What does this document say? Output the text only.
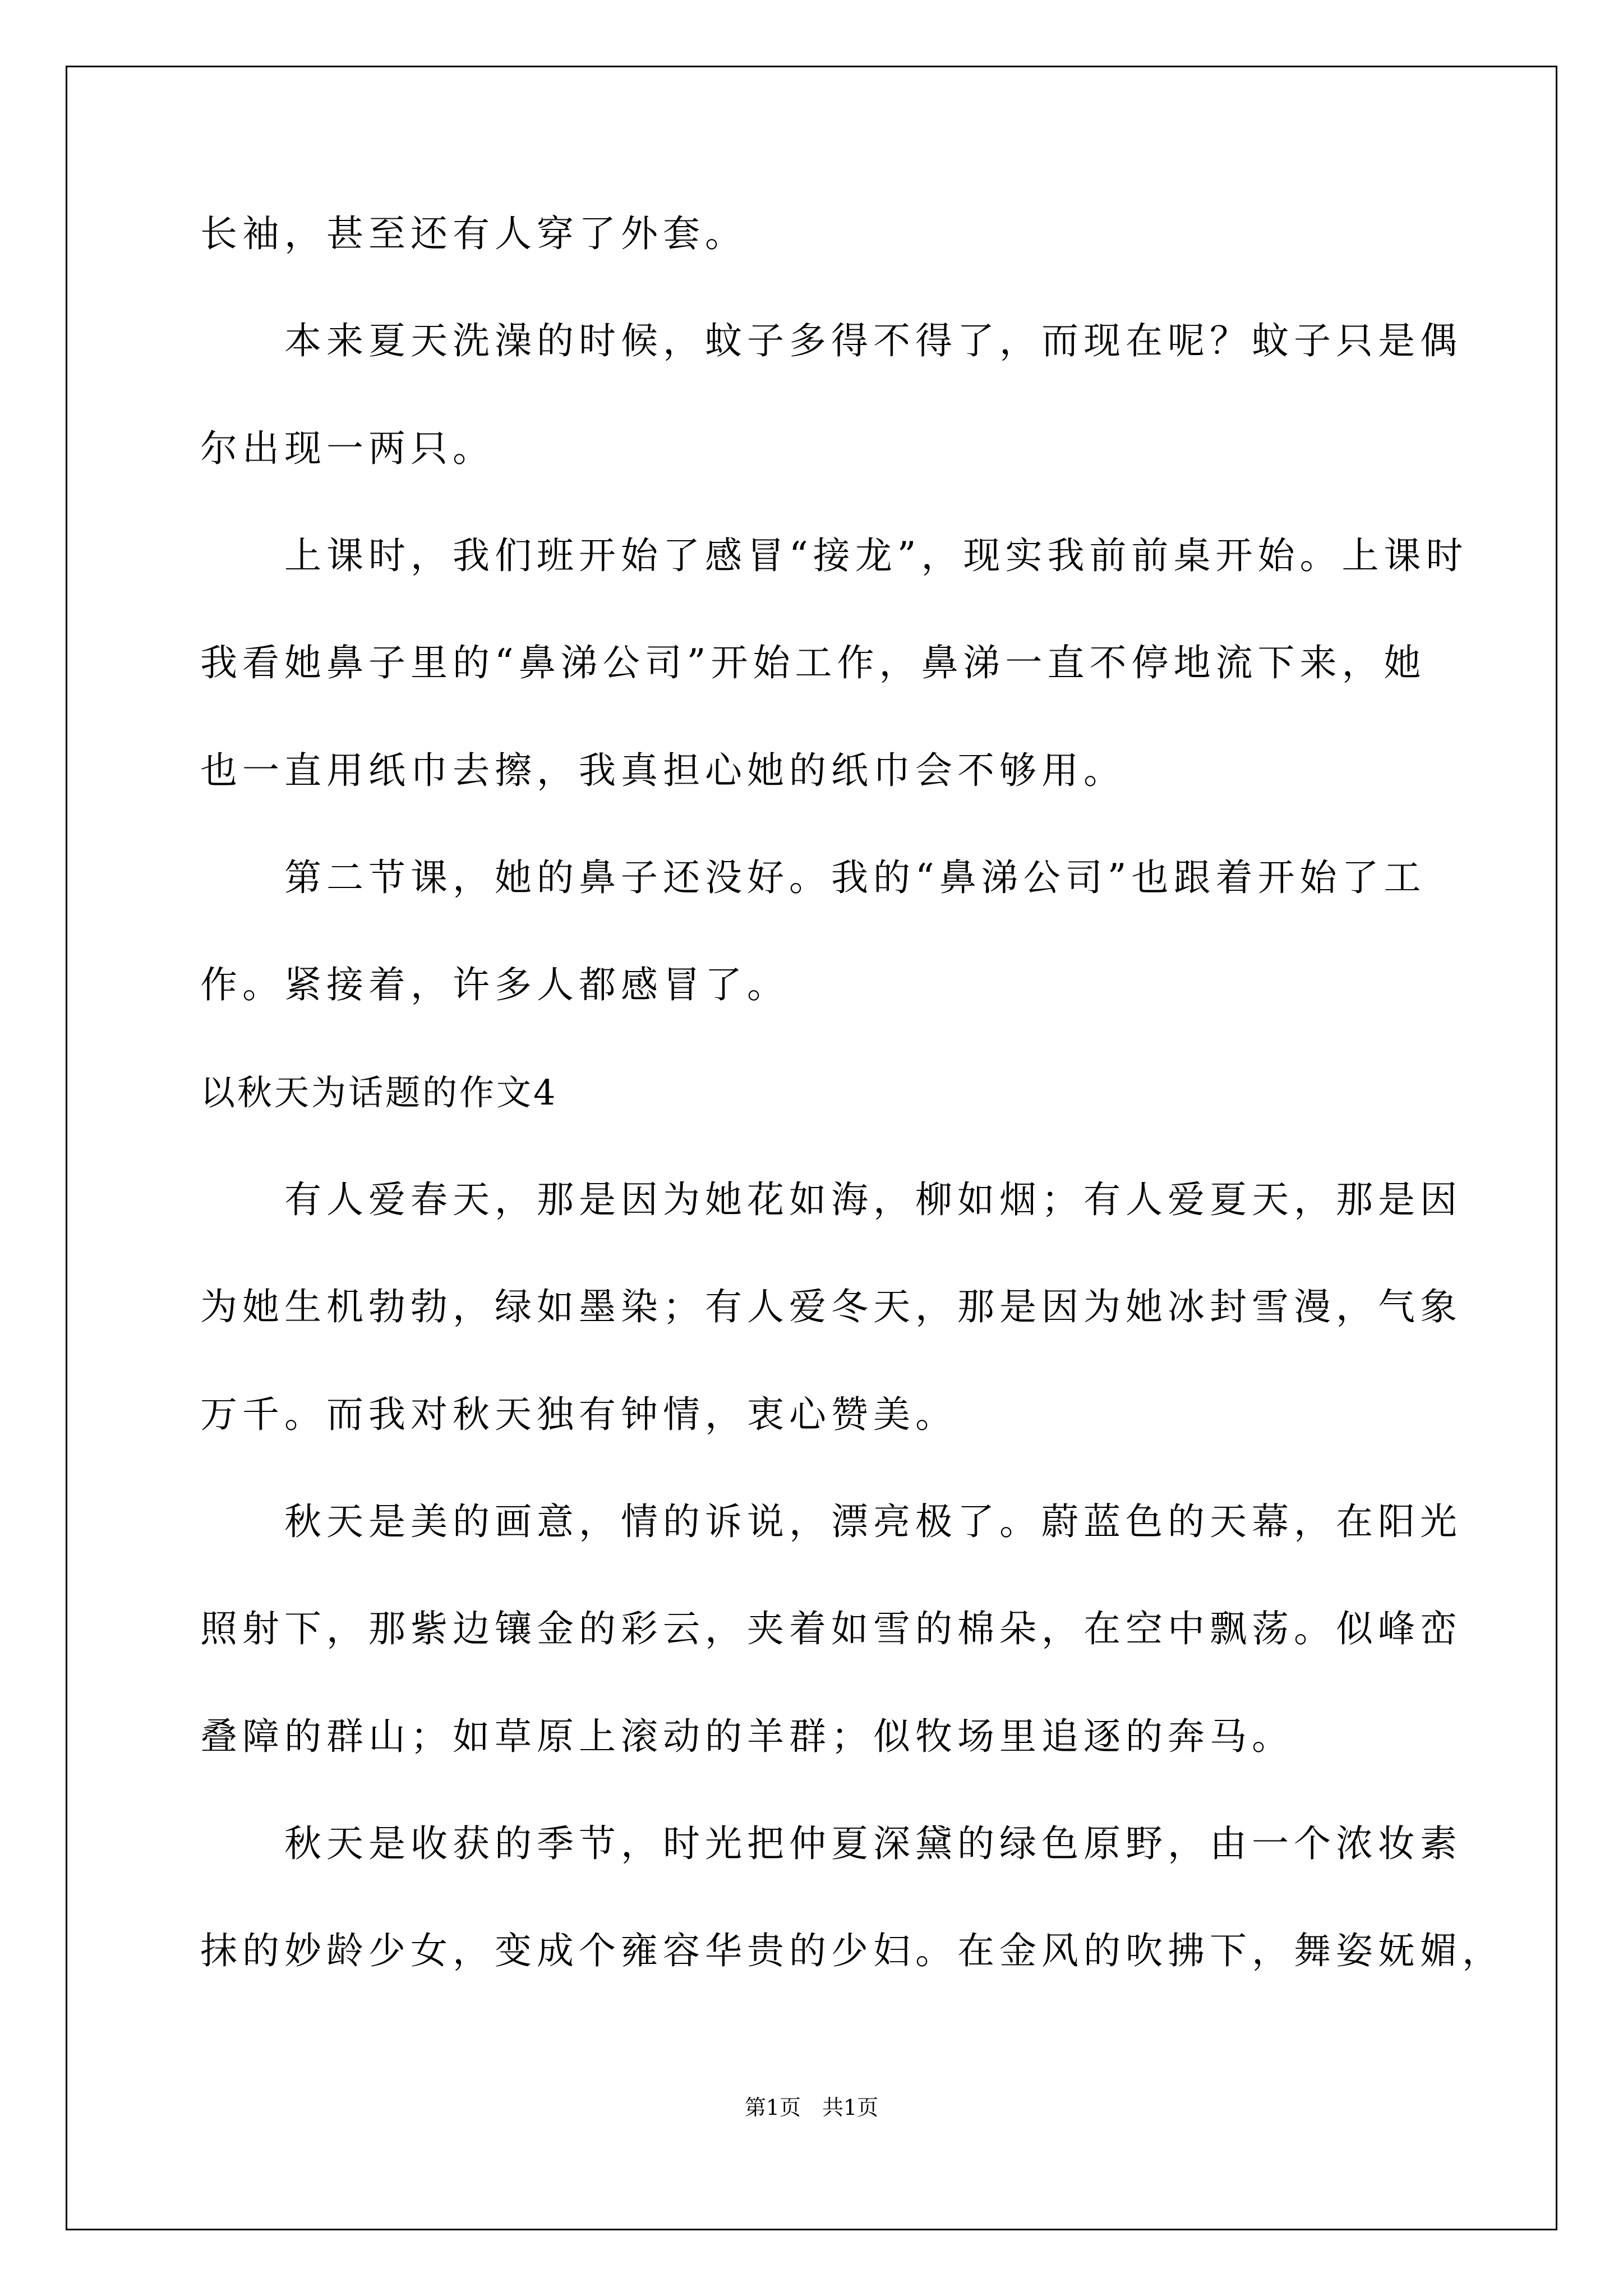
长袖，甚至还有人穿了外套。
本来夏天洗澡的时候，蚊子多得不得了，而现在呢？蚊子只是偶
尔出现一两只。
上课时，我们班开始了感冒“接龙”，现实我前前桌开始。上课时
我看她鼻子里的“鼻涕公司”开始工作，鼻涕一直不停地流下来，她
也一直用纸巾去擦，我真担心她的纸巾会不够用。
第二节课，她的鼻子还没好。我的“鼻涕公司”也跟着开始了工
作。紧接着，许多人都感冒了。
以秋天为话题的作文4
有人爱春天，那是因为她花如海，柳如烟；有人爱夏天，那是因
为她生机勃勃，绿如墨染；有人爱冬天，那是因为她冰封雪漫，气象
万千。而我对秋天独有钟情，衷心赞美。
秋天是美的画意，情的诉说，漂亮极了。蔚蓝色的天幕，在阳光
照射下，那紫边镶金的彩云，夹着如雪的棉朵，在空中飘荡。似峰峦
叠障的群山；如草原上滚动的羊群；似牧场里追逐的奔马。
秋天是收获的季节，时光把仲夏深黛的绿色原野，由一个浓妆素
抹的妙龄少女，变成个雍容华贵的少妇。在金风的吹拂下，舞姿妩媚，
第1页　共1页
